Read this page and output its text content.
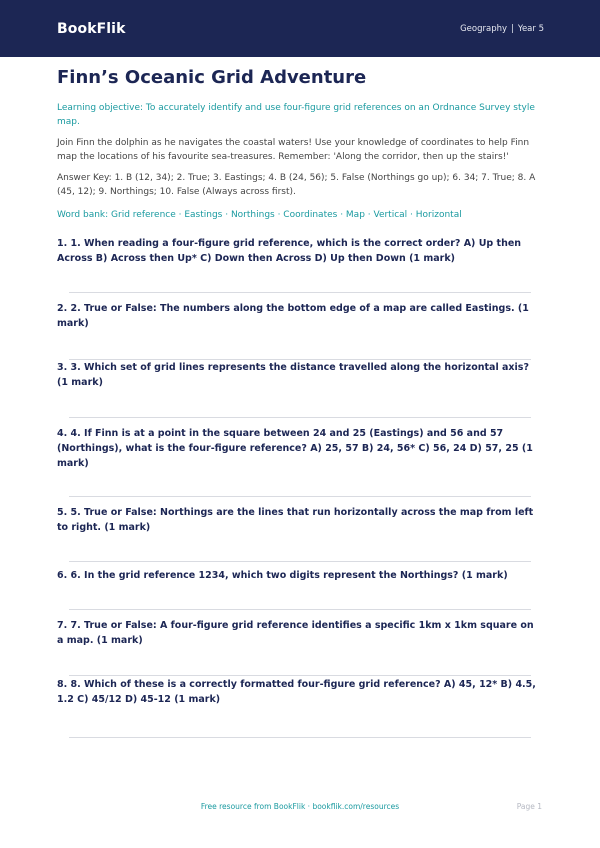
BookFlik	Geography | Year 5
Finn’s Oceanic Grid Adventure
Learning objective: To accurately identify and use four-figure grid references on an Ordnance Survey style map.
Join Finn the dolphin as he navigates the coastal waters! Use your knowledge of coordinates to help Finn map the locations of his favourite sea-treasures. Remember: 'Along the corridor, then up the stairs!'
Answer Key: 1. B (12, 34); 2. True; 3. Eastings; 4. B (24, 56); 5. False (Northings go up); 6. 34; 7. True; 8. A (45, 12); 9. Northings; 10. False (Always across first).
Word bank: Grid reference · Eastings · Northings · Coordinates · Map · Vertical · Horizontal
1. 1. When reading a four-figure grid reference, which is the correct order? A) Up then Across B) Across then Up* C) Down then Across D) Up then Down (1 mark)
2. 2. True or False: The numbers along the bottom edge of a map are called Eastings. (1 mark)
3. 3. Which set of grid lines represents the distance travelled along the horizontal axis? (1 mark)
4. 4. If Finn is at a point in the square between 24 and 25 (Eastings) and 56 and 57 (Northings), what is the four-figure reference? A) 25, 57 B) 24, 56* C) 56, 24 D) 57, 25 (1 mark)
5. 5. True or False: Northings are the lines that run horizontally across the map from left to right. (1 mark)
6. 6. In the grid reference 1234, which two digits represent the Northings? (1 mark)
7. 7. True or False: A four-figure grid reference identifies a specific 1km x 1km square on a map. (1 mark)
8. 8. Which of these is a correctly formatted four-figure grid reference? A) 45, 12* B) 4.5, 1.2 C) 45/12 D) 45-12 (1 mark)
Free resource from BookFlik · bookflik.com/resources	Page 1
